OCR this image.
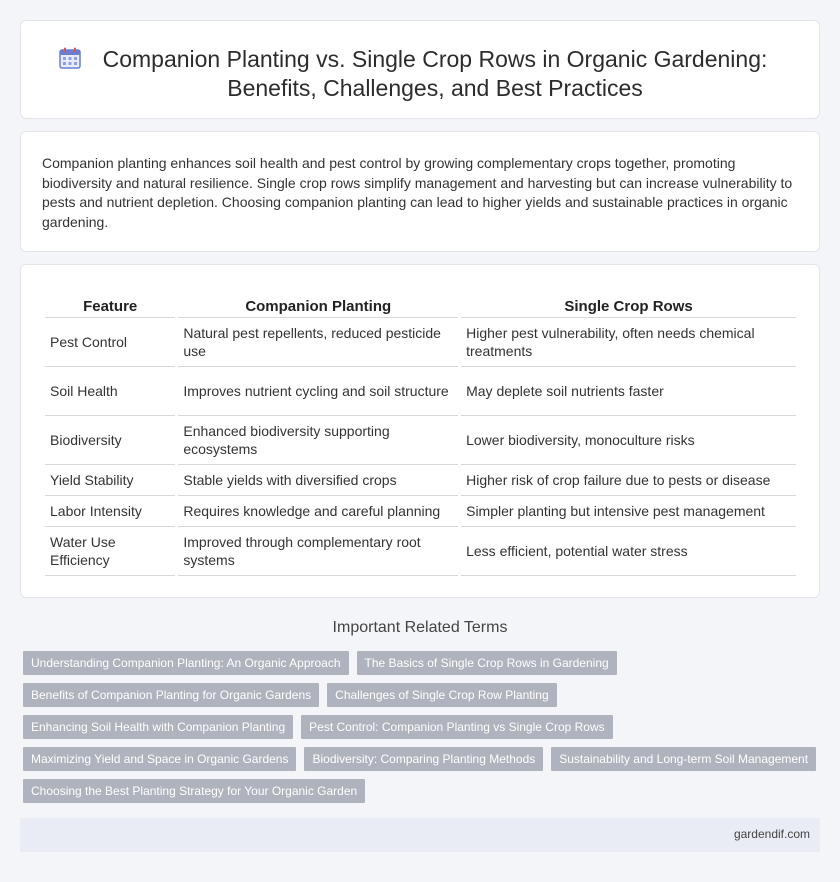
Companion Planting vs. Single Crop Rows in Organic Gardening: Benefits, Challenges, and Best Practices

Companion planting enhances soil health and pest control by growing complementary crops together, promoting biodiversity and natural resilience. Single crop rows simplify management and harvesting but can increase vulnerability to pests and nutrient depletion. Choosing companion planting can lead to higher yields and sustainable practices in organic gardening.

Feature	Companion Planting	Single Crop Rows
Pest Control	Natural pest repellents, reduced pesticide use	Higher pest vulnerability, often needs chemical treatments
Soil Health	Improves nutrient cycling and soil structure	May deplete soil nutrients faster
Biodiversity	Enhanced biodiversity supporting ecosystems	Lower biodiversity, monoculture risks
Yield Stability	Stable yields with diversified crops	Higher risk of crop failure due to pests or disease
Labor Intensity	Requires knowledge and careful planning	Simpler planting but intensive pest management
Water Use Efficiency	Improved through complementary root systems	Less efficient, potential water stress
Important Related Terms
Understanding Companion Planting: An Organic Approach	The Basics of Single Crop Rows in Gardening
Benefits of Companion Planting for Organic Gardens	Challenges of Single Crop Row Planting
Enhancing Soil Health with Companion Planting	Pest Control: Companion Planting vs Single Crop Rows
Maximizing Yield and Space in Organic Gardens	Biodiversity: Comparing Planting Methods	Sustainability and Long-term Soil Management
Choosing the Best Planting Strategy for Your Organic Garden
gardendif.com
